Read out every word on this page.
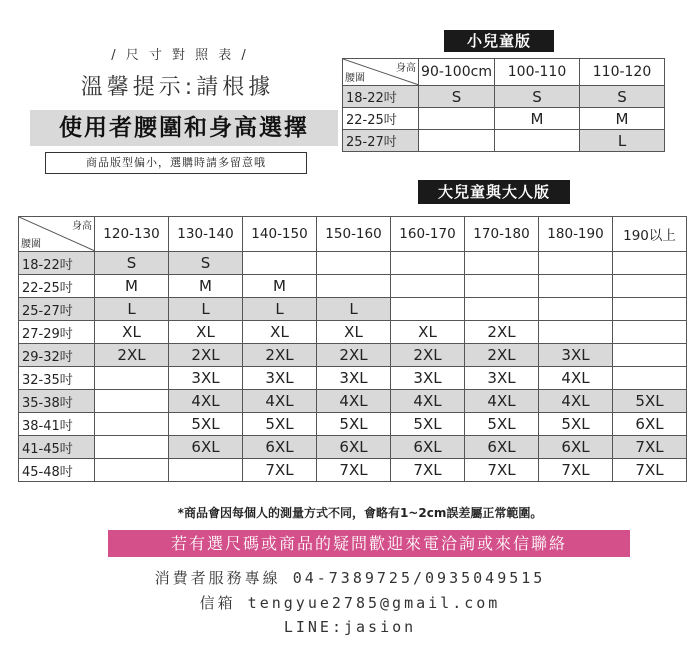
/ 尺 寸 對 照 表 /
溫馨提示:請根據
使用者腰圍和身高選擇
商品版型偏小，選購時請多留意哦
小兒童版
身高
腰圍	90-100cm	100-110	110-120
18-22吋	S	S	S
22-25吋		M	M
25-27吋			L
大兒童與大人版
身高
腰圍	120-130	130-140	140-150	150-160	160-170	170-180	180-190	190以上
18-22吋	S	S						
22-25吋	M	M	M					
25-27吋	L	L	L	L				
27-29吋	XL	XL	XL	XL	XL	2XL		
29-32吋	2XL	2XL	2XL	2XL	2XL	2XL	3XL	
32-35吋		3XL	3XL	3XL	3XL	3XL	4XL	
35-38吋		4XL	4XL	4XL	4XL	4XL	4XL	5XL
38-41吋		5XL	5XL	5XL	5XL	5XL	5XL	6XL
41-45吋		6XL	6XL	6XL	6XL	6XL	6XL	7XL
45-48吋			7XL	7XL	7XL	7XL	7XL	7XL
*商品會因每個人的測量方式不同，會略有1~2cm誤差屬正常範圍。
若有選尺碼或商品的疑問歡迎來電洽詢或來信聯絡
消費者服務專線 04-7389725/0935049515
信箱 tengyue2785@gmail.com
LINE:jasion
